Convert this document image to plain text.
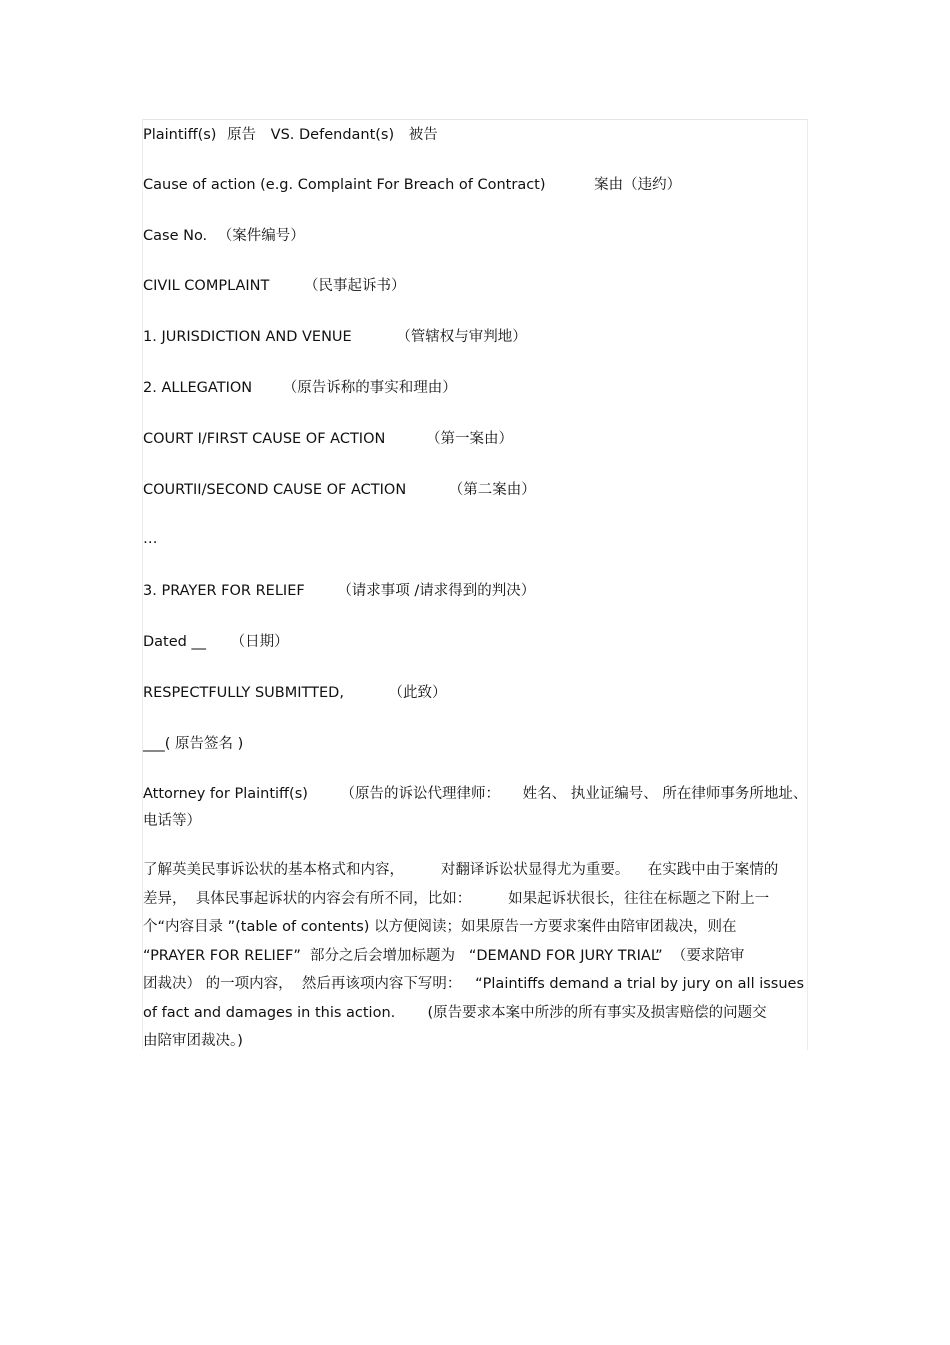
Plaintiff(s) 原告 VS. Defendant(s) 被告
Cause of action (e.g. Complaint For Breach of Contract)	案由（违约）
Case No. （案件编号）
CIVIL COMPLAINT （民事起诉书）
1. JURISDICTION AND VENUE	（管辖权与审判地）
2. ALLEGATION （原告诉称的事实和理由）
COURT I/FIRST CAUSE OF ACTION	（第一案由）
COURTII/SECOND CAUSE OF ACTION	（第二案由）
…
3. PRAYER FOR RELIEF （请求事项 /请求得到的判决）
Dated __ （日期）
RESPECTFULLY SUBMITTED,	（此致）
___( 原告签名 )
Attorney for Plaintiff(s) （原告的诉讼代理律师： 姓名、 执业证编号、 所在律师事务所地址、
电话等）
了解英美民事诉讼状的基本格式和内容，        对翻译诉讼状显得尤为重要。    在实践中由于案情的
差异，  具体民事起诉状的内容会有所不同，比如：        如果起诉状很长，往往在标题之下附上一
个“内容目录 ”(table of contents) 以方便阅读；如果原告一方要求案件由陪审团裁决，则在
“PRAYER FOR RELIEF”  部分之后会增加标题为   “DEMAND FOR JURY TRIAL”  （要求陪审
团裁决） 的一项内容，  然后再该项内容下写明：   “Plaintiffs demand a trial by jury on all issues
of fact and damages in this action.       (原告要求本案中所涉的所有事实及损害赔偿的问题交
由陪审团裁决。)
